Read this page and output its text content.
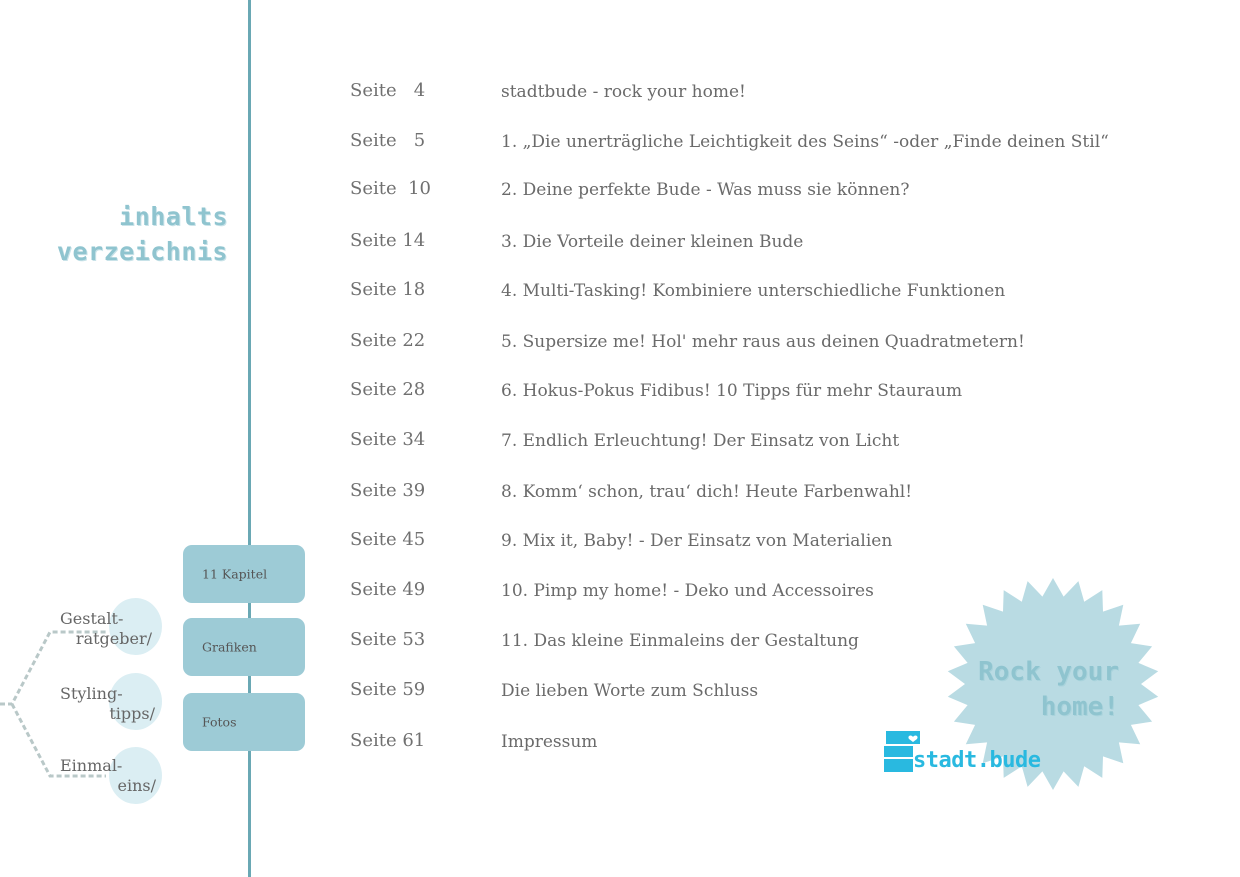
inhalts
verzeichnis
Seite   4	stadtbude - rock your home!
Seite   5	1. „Die unerträgliche Leichtigkeit des Seins“ -oder „Finde deinen Stil“
Seite  10	2. Deine perfekte Bude - Was muss sie können?
Seite 14	3. Die Vorteile deiner kleinen Bude
Seite 18	4. Multi-Tasking! Kombiniere unterschiedliche Funktionen
Seite 22	5. Supersize me! Hol' mehr raus aus deinen Quadratmetern!
Seite 28	6. Hokus-Pokus Fidibus! 10 Tipps für mehr Stauraum
Seite 34	7. Endlich Erleuchtung! Der Einsatz von Licht
Seite 39	8. Komm‘ schon, trau‘ dich! Heute Farbenwahl!
Seite 45	9. Mix it, Baby! - Der Einsatz von Materialien
Seite 49	10. Pimp my home! - Deko und Accessoires
Seite 53	11. Das kleine Einmaleins der Gestaltung
Seite 59	Die lieben Worte zum Schluss
Seite 61	Impressum
11 Kapitel
Grafiken
Fotos
Gestalt-
ratgeber/
Styling-
tipps/
Einmal-
eins/
Rock your
home!
stadt.bude
